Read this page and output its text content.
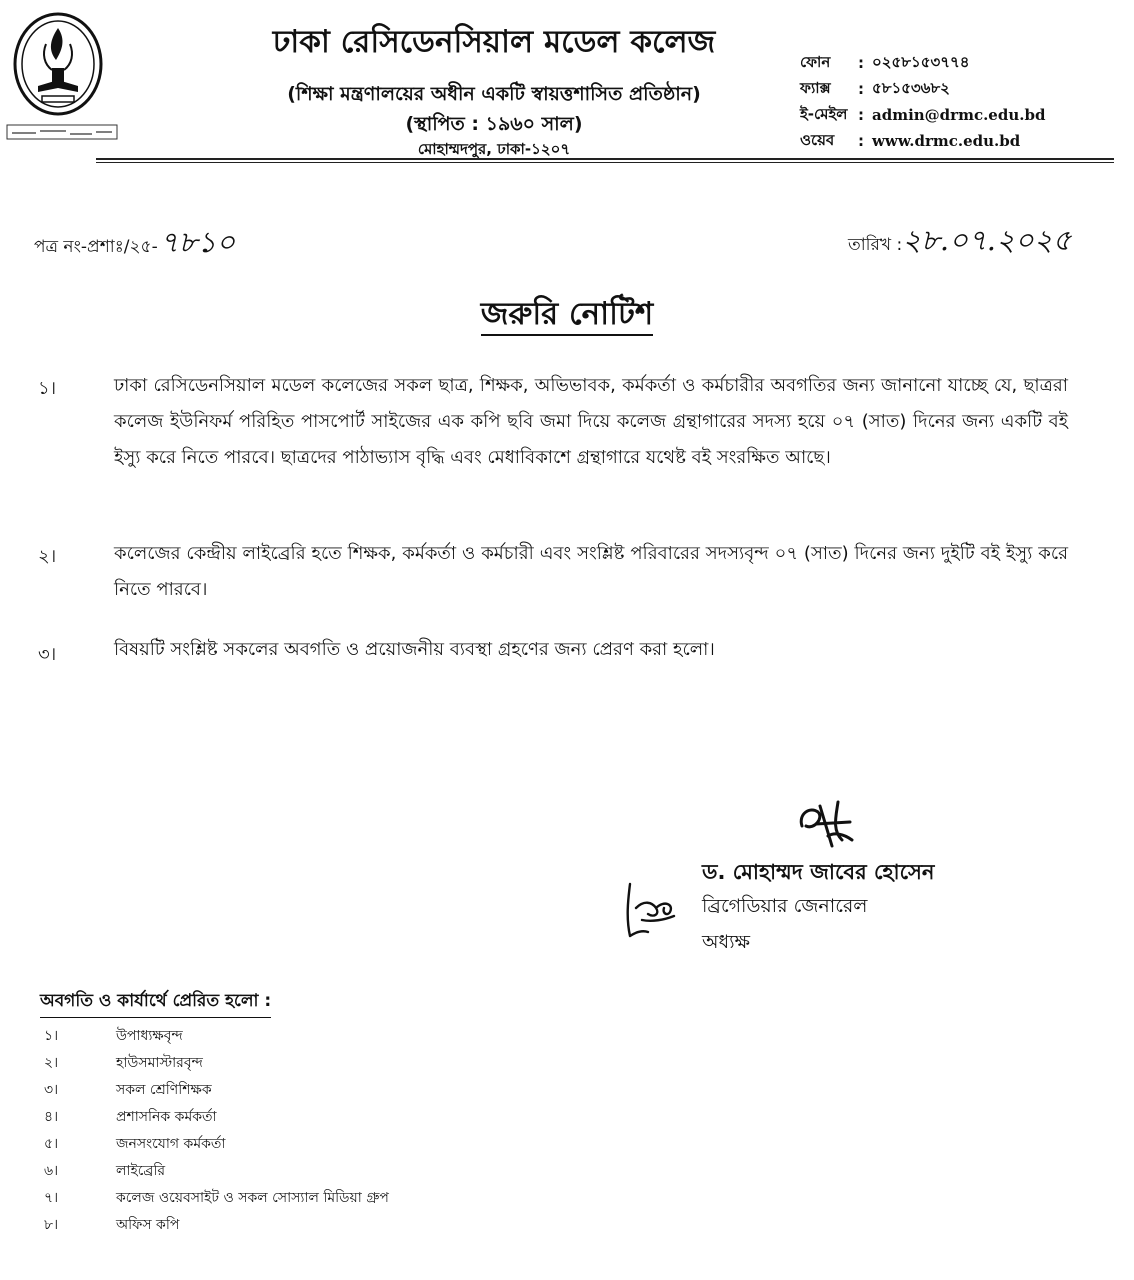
ঢাকা রেসিডেনসিয়াল মডেল কলেজ
(শিক্ষা মন্ত্রণালয়ের অধীন একটি স্বায়ত্তশাসিত প্রতিষ্ঠান)
(স্থাপিত : ১৯৬০ সাল)
মোহাম্মদপুর, ঢাকা-১২০৭
ফোন	: ০২৫৮১৫৩৭৭৪
ফ্যাক্স	: ৫৮১৫৩৬৮২
ই-মেইল : admin@drmc.edu.bd
ওয়েব	: www.drmc.edu.bd
পত্র নং-প্রশাঃ/২৫-৭৮১০	তারিখ :২৮.০৭.২০২৫
জরুরি নোটিশ
১।	ঢাকা রেসিডেনসিয়াল মডেল কলেজের সকল ছাত্র, শিক্ষক, অভিভাবক, কর্মকর্তা ও কর্মচারীর অবগতির জন্য জানানো যাচ্ছে যে, ছাত্ররা কলেজ ইউনিফর্ম পরিহিত পাসপোর্ট সাইজের এক কপি ছবি জমা দিয়ে কলেজ গ্রন্থাগারের সদস্য হয়ে ০৭ (সাত) দিনের জন্য একটি বই ইস্যু করে নিতে পারবে। ছাত্রদের পাঠাভ্যাস বৃদ্ধি এবং মেধাবিকাশে গ্রন্থাগারে যথেষ্ট বই সংরক্ষিত আছে।
২।	কলেজের কেন্দ্রীয় লাইব্রেরি হতে শিক্ষক, কর্মকর্তা ও কর্মচারী এবং সংশ্লিষ্ট পরিবারের সদস্যবৃন্দ ০৭ (সাত) দিনের জন্য দুইটি বই ইস্যু করে নিতে পারবে।
৩।	বিষয়টি সংশ্লিষ্ট সকলের অবগতি ও প্রয়োজনীয় ব্যবস্থা গ্রহণের জন্য প্রেরণ করা হলো।
ড. মোহাম্মদ জাবের হোসেন
ব্রিগেডিয়ার জেনারেল
অধ্যক্ষ
অবগতি ও কার্যার্থে প্রেরিত হলো :
১।	উপাধ্যক্ষবৃন্দ
২।	হাউসমাস্টারবৃন্দ
৩।	সকল শ্রেণিশিক্ষক
৪।	প্রশাসনিক কর্মকর্তা
৫।	জনসংযোগ কর্মকর্তা
৬।	লাইব্রেরি
৭।	কলেজ ওয়েবসাইট ও সকল সোস্যাল মিডিয়া গ্রুপ
৮।	অফিস কপি
